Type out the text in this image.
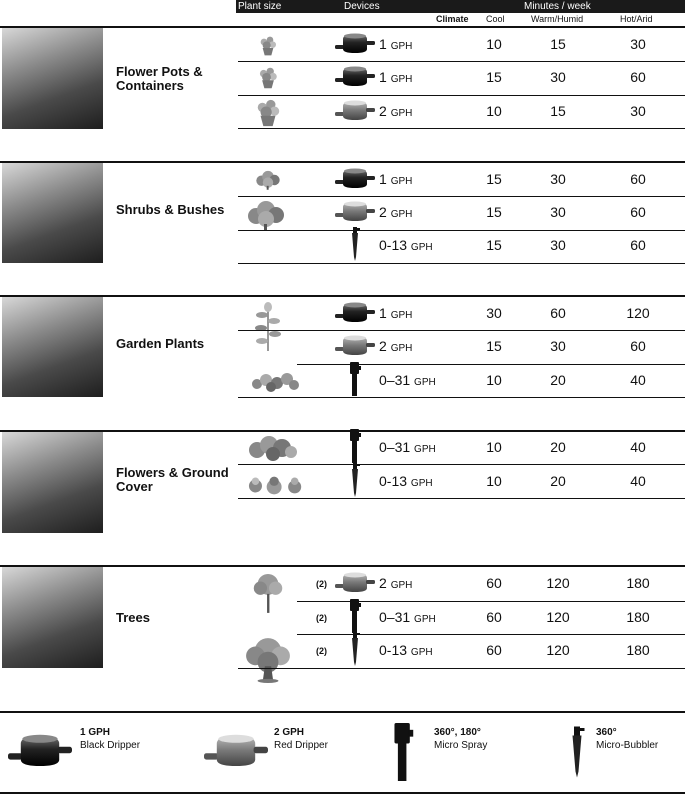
Plant size	Devices	Minutes / week
Climate Cool	Warm/Humid	Hot/Arid
Flower Pots &
Containers
1 GPH	10	15	30
1 GPH	15	30	60
2 GPH	10	15	30
Shrubs & Bushes
1 GPH	15	30	60
2 GPH	15	30	60
0-13 GPH	15	30	60
Garden Plants
1 GPH	30	60	120
2 GPH	15	30	60
0–31 GPH	10	20	40
Flowers & Ground
Cover
0–31 GPH	10	20	40
0-13 GPH	10	20	40
Trees
(2)	2 GPH	60	120	180
(2)	0–31 GPH	60	120	180
(2)	0-13 GPH	60	120	180
1 GPH
Black Dripper
2 GPH
Red Dripper
360°, 180°
Micro Spray
360°
Micro-Bubbler
